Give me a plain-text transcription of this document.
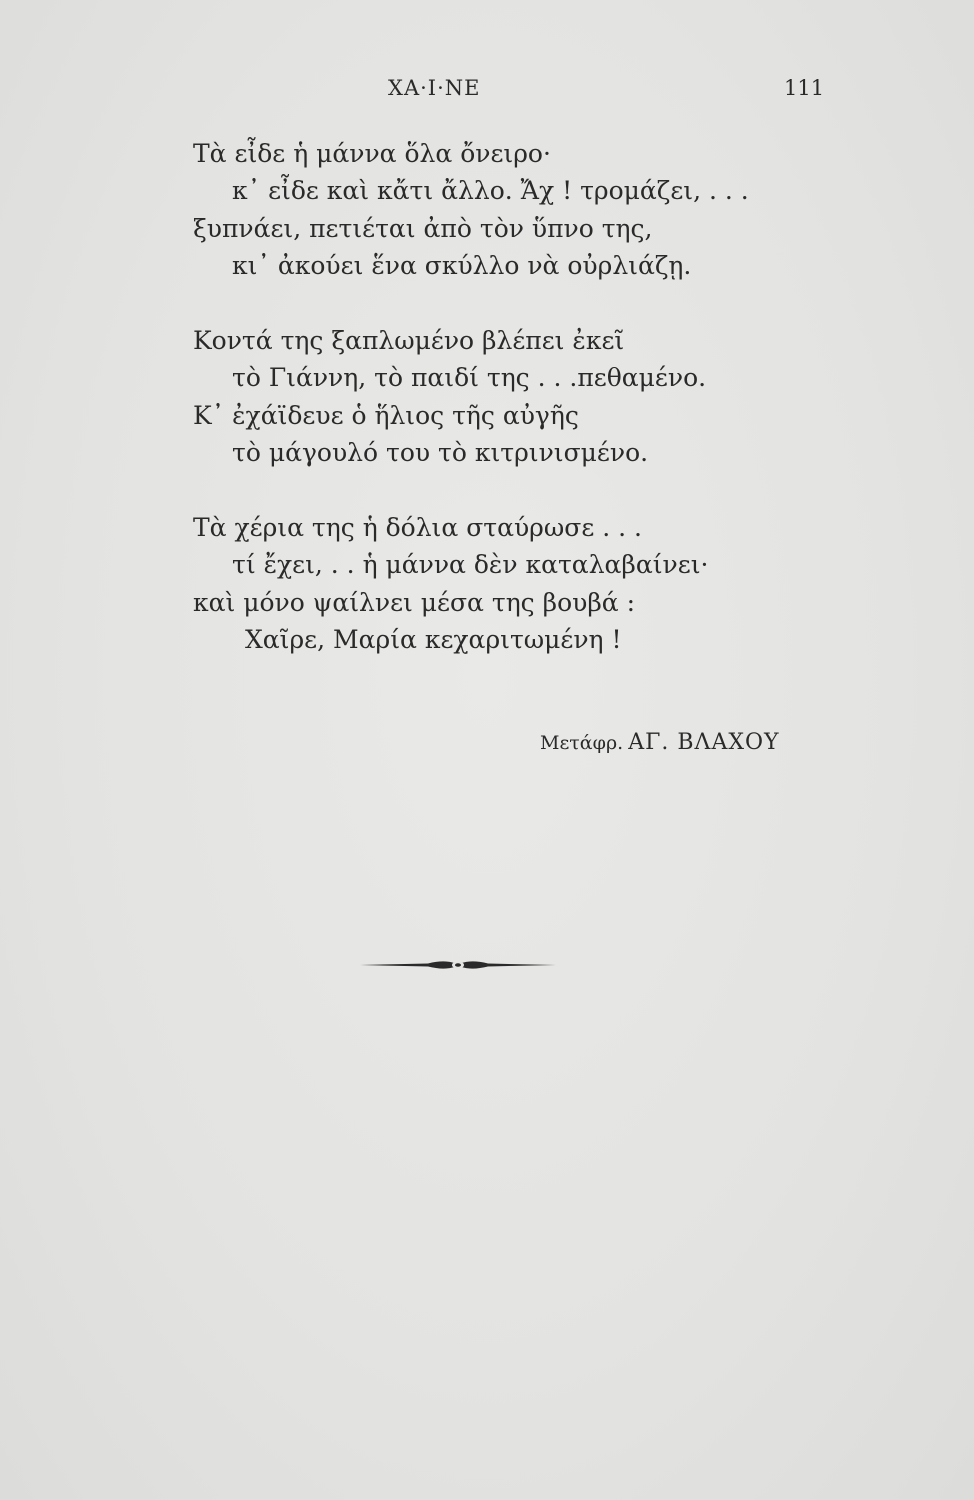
ΧΑ·Ι·ΝΕ	111
Τὰ εἶδε ἡ μάννα ὅλα ὄνειρο·
κ᾽ εἶδε καὶ κἄτι ἄλλο. Ἄχ ! τρομάζει, . . .
ξυπνάει, πετιέται ἀπὸ τὸν ὕπνο της,
κι᾽ ἀκούει ἕνα σκύλλο νὰ οὐρλιάζῃ.
Κοντά της ξαπλωμένο βλέπει ἐκεῖ
τὸ Γιάννη, τὸ παιδί της . . .πεθαμένο.
Κ᾽ ἐχάϊδευε ὁ ἥλιος τῆς αὐγῆς
τὸ μάγουλό του τὸ κιτρινισμένο.
Τὰ χέρια της ἡ δόλια σταύρωσε . . .
τί ἔχει, . . ἡ μάννα δὲν καταλαβαίνει·
καὶ μόνο ψαίλνει μέσα της βουβά :
Χαῖρε, Μαρία κεχαριτωμένη !
Μετάφρ. ΑΓ. ΒΛΑΧΟΥ
